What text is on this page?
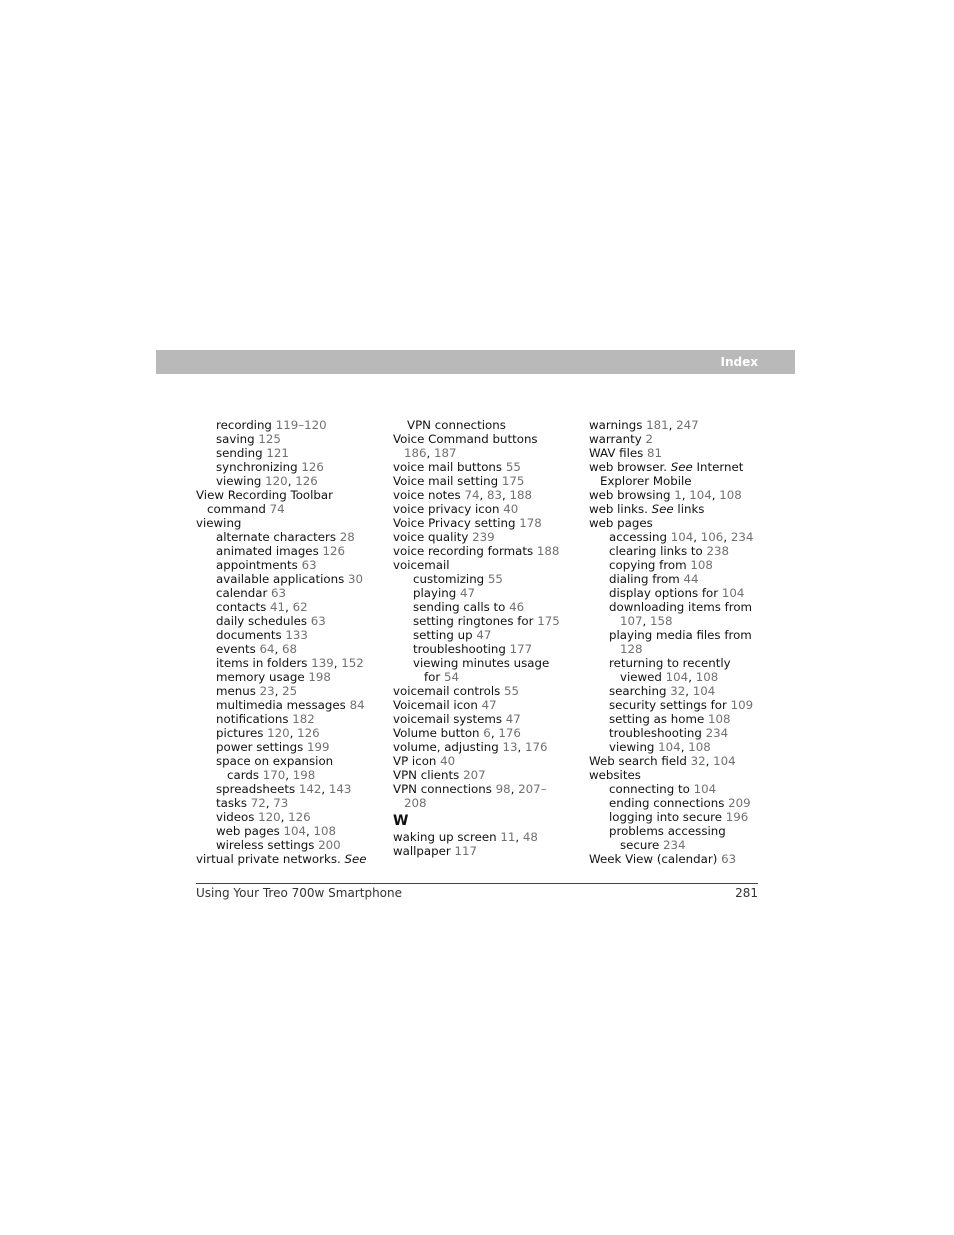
Index
recording 119–120
saving 125
sending 121
synchronizing 126
viewing 120, 126
View Recording Toolbar
command 74
viewing
alternate characters 28
animated images 126
appointments 63
available applications 30
calendar 63
contacts 41, 62
daily schedules 63
documents 133
events 64, 68
items in folders 139, 152
memory usage 198
menus 23, 25
multimedia messages 84
notifications 182
pictures 120, 126
power settings 199
space on expansion
cards 170, 198
spreadsheets 142, 143
tasks 72, 73
videos 120, 126
web pages 104, 108
wireless settings 200
virtual private networks. See
VPN connections
Voice Command buttons
186, 187
voice mail buttons 55
Voice mail setting 175
voice notes 74, 83, 188
voice privacy icon 40
Voice Privacy setting 178
voice quality 239
voice recording formats 188
voicemail
customizing 55
playing 47
sending calls to 46
setting ringtones for 175
setting up 47
troubleshooting 177
viewing minutes usage
for 54
voicemail controls 55
Voicemail icon 47
voicemail systems 47
Volume button 6, 176
volume, adjusting 13, 176
VP icon 40
VPN clients 207
VPN connections 98, 207–
208
W
waking up screen 11, 48
wallpaper 117
warnings 181, 247
warranty 2
WAV files 81
web browser. See Internet
Explorer Mobile
web browsing 1, 104, 108
web links. See links
web pages
accessing 104, 106, 234
clearing links to 238
copying from 108
dialing from 44
display options for 104
downloading items from
107, 158
playing media files from
128
returning to recently
viewed 104, 108
searching 32, 104
security settings for 109
setting as home 108
troubleshooting 234
viewing 104, 108
Web search field 32, 104
websites
connecting to 104
ending connections 209
logging into secure 196
problems accessing
secure 234
Week View (calendar) 63
Using Your Treo 700w Smartphone	281
